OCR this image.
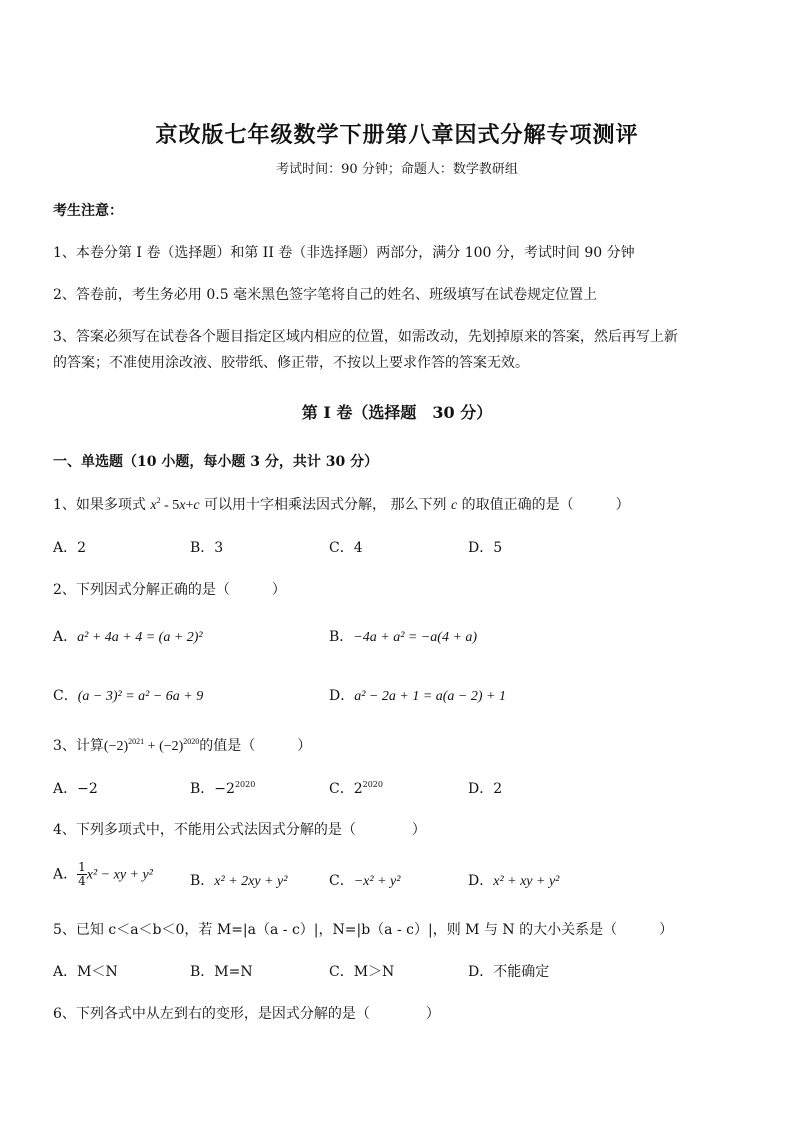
京改版七年级数学下册第八章因式分解专项测评
考试时间：90 分钟；命题人：数学教研组
考生注意：
1、本卷分第 I 卷（选择题）和第 II 卷（非选择题）两部分，满分 100 分，考试时间 90 分钟
2、答卷前，考生务必用 0.5 毫米黑色签字笔将自己的姓名、班级填写在试卷规定位置上
3、答案必须写在试卷各个题目指定区域内相应的位置，如需改动，先划掉原来的答案，然后再写上新
的答案；不准使用涂改液、胶带纸、修正带，不按以上要求作答的答案无效。
第 I 卷（选择题　30 分）
一、单选题（10 小题，每小题 3 分，共计 30 分）
1、如果多项式 $x^2 - 5x+c$ 可以用十字相乘法因式分解， 那么下列 c 的取值正确的是（　　　）
A．2	B．3	C．4	D．5
2、下列因式分解正确的是（　　　）
A．a² + 4a + 4 = (a + 2)²	B．−4a + a² = −a(4 + a)
C．(a − 3)² = a² − 6a + 9	D．a² − 2a + 1 = a(a − 2) + 1
3、计算$(-2)^{2021} + (-2)^{2020}$的值是（　　　）
A．−2	B．$-2^{2020}$	C．$2^{2020}$	D．2
4、下列多项式中，不能用公式法因式分解的是（　　　　）
A． $\frac{1}{4} x^2$ − xy + y²	B．x² + 2xy + y²	C．−x² + y²	D．x² + xy + y²
5、已知 c＜a＜b＜0，若 M=|a（a - c）|，N=|b（a - c）|，则 M 与 N 的大小关系是（　　　）
A．M＜N	B．M=N	C．M＞N	D．不能确定
6、下列各式中从左到右的变形，是因式分解的是（　　　　）
